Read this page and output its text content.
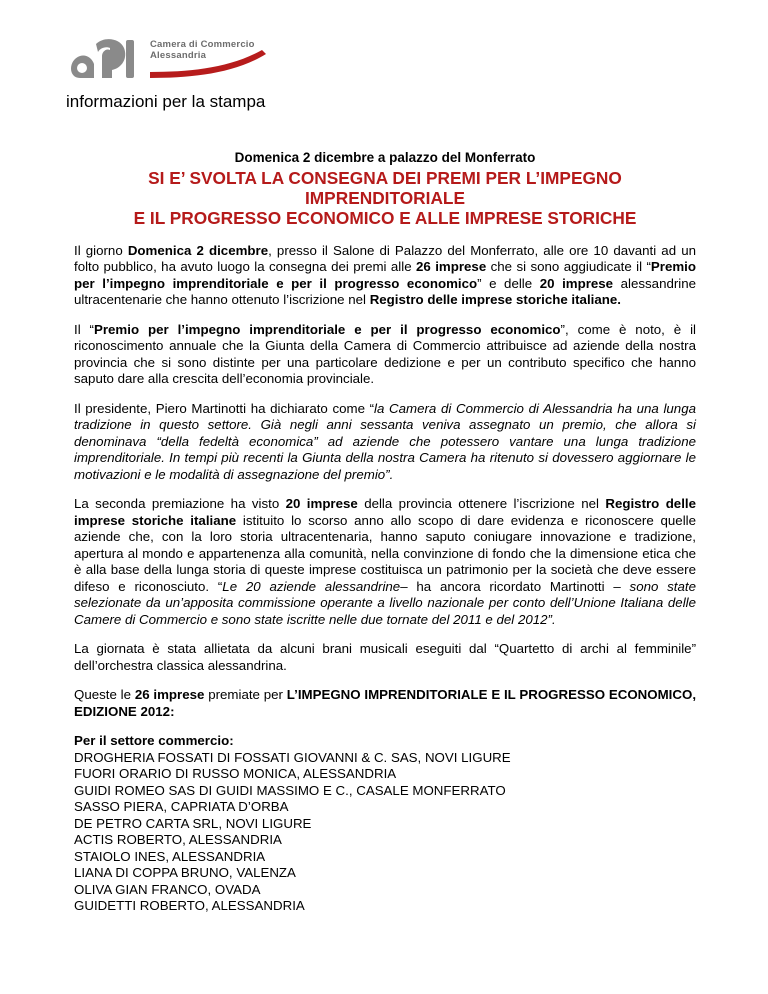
Camera di Commercio
Alessandria
informazioni per la stampa
Domenica 2 dicembre a palazzo del Monferrato
SI E’ SVOLTA LA CONSEGNA DEI PREMI PER L’IMPEGNO
IMPRENDITORIALE
E IL PROGRESSO ECONOMICO E ALLE IMPRESE STORICHE

Il giorno Domenica 2 dicembre, presso il Salone di Palazzo del Monferrato, alle ore 10 davanti ad un folto pubblico, ha avuto luogo la consegna dei premi alle 26 imprese che si sono aggiudicate il “Premio per l’impegno imprenditoriale e per il progresso economico” e delle 20 imprese alessandrine ultracentenarie che hanno ottenuto l’iscrizione nel Registro delle imprese storiche italiane.

Il “Premio per l’impegno imprenditoriale e per il progresso economico”, come è noto, è il riconoscimento annuale che la Giunta della Camera di Commercio attribuisce ad aziende della nostra provincia che si sono distinte per una particolare dedizione e per un contributo specifico che hanno saputo dare alla crescita dell’economia provinciale.

Il presidente, Piero Martinotti ha dichiarato come “la Camera di Commercio di Alessandria ha una lunga tradizione in questo settore. Già negli anni sessanta veniva assegnato un premio, che allora si denominava “della fedeltà economica” ad aziende che potessero vantare una lunga tradizione imprenditoriale. In tempi più recenti la Giunta della nostra Camera ha ritenuto si dovessero aggiornare le motivazioni e le modalità di assegnazione del premio”.

La seconda premiazione ha visto 20 imprese della provincia ottenere l’iscrizione nel Registro delle imprese storiche italiane istituito lo scorso anno allo scopo di dare evidenza e riconoscere quelle aziende che, con la loro storia ultracentenaria, hanno saputo coniugare innovazione e tradizione, apertura al mondo e appartenenza alla comunità, nella convinzione di fondo che la dimensione etica che è alla base della lunga storia di queste imprese costituisca un patrimonio per la società che deve essere difeso e riconosciuto. “Le 20 aziende alessandrine– ha ancora ricordato Martinotti – sono state selezionate da un’apposita commissione operante a livello nazionale per conto dell’Unione Italiana delle Camere di Commercio e sono state iscritte nelle due tornate del 2011 e del 2012”.

La giornata è stata allietata da alcuni brani musicali eseguiti dal “Quartetto di archi al femminile” dell’orchestra classica alessandrina.

Queste le 26 imprese premiate per L’IMPEGNO IMPRENDITORIALE E IL PROGRESSO ECONOMICO, EDIZIONE 2012:

Per il settore commercio:
DROGHERIA FOSSATI DI FOSSATI GIOVANNI & C. SAS, NOVI LIGURE
FUORI ORARIO DI RUSSO MONICA, ALESSANDRIA
GUIDI ROMEO SAS DI GUIDI MASSIMO E C., CASALE MONFERRATO
SASSO PIERA, CAPRIATA D’ORBA
DE PETRO CARTA SRL, NOVI LIGURE
ACTIS ROBERTO, ALESSANDRIA
STAIOLO INES, ALESSANDRIA
LIANA DI COPPA BRUNO, VALENZA
OLIVA GIAN FRANCO, OVADA
GUIDETTI ROBERTO, ALESSANDRIA
